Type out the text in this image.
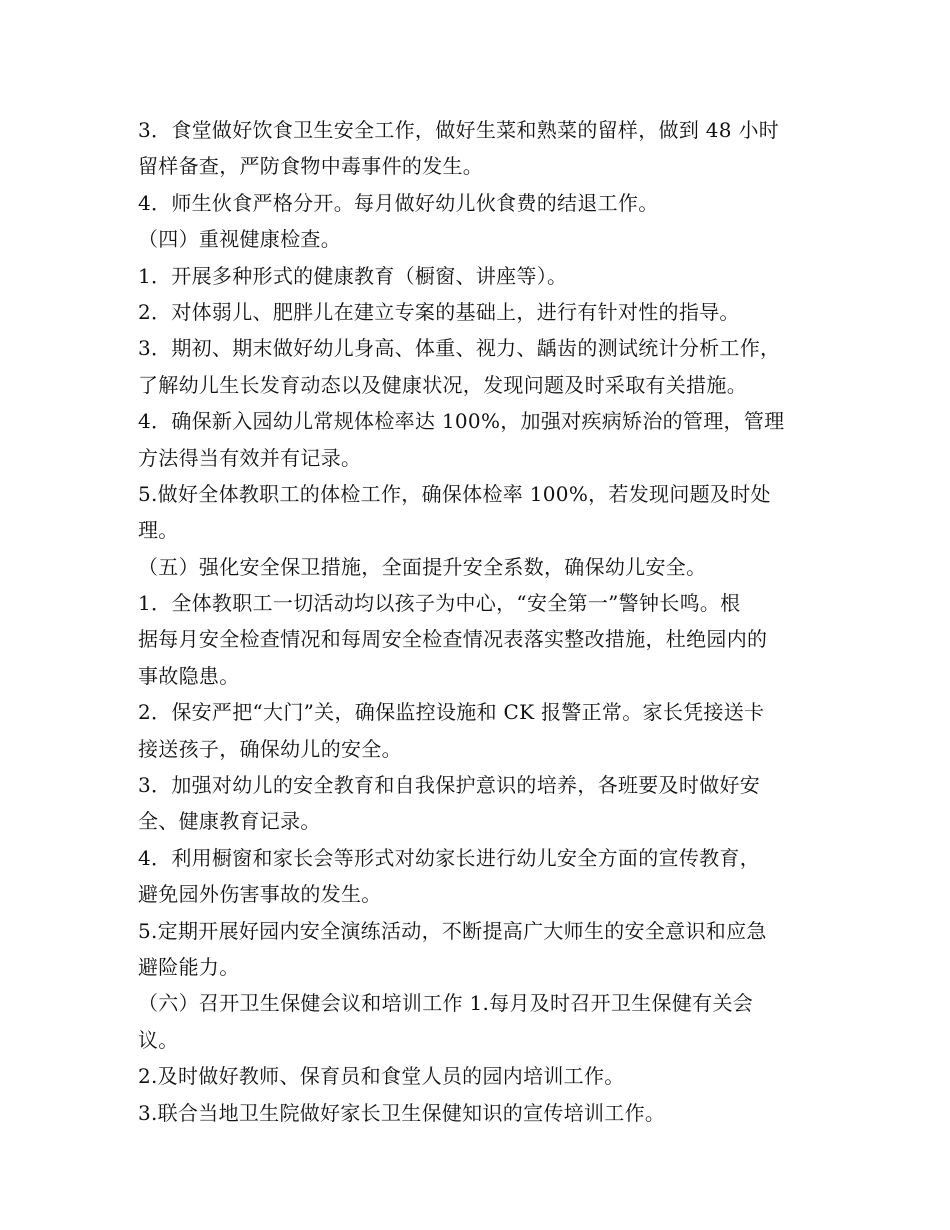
3．食堂做好饮食卫生安全工作，做好生菜和熟菜的留样，做到 48 小时
留样备查，严防食物中毒事件的发生。
4．师生伙食严格分开。每月做好幼儿伙食费的结退工作。
（四）重视健康检查。
1．开展多种形式的健康教育（橱窗、讲座等）。
2．对体弱儿、肥胖儿在建立专案的基础上，进行有针对性的指导。
3．期初、期末做好幼儿身高、体重、视力、龋齿的测试统计分析工作，
了解幼儿生长发育动态以及健康状况，发现问题及时采取有关措施。
4．确保新入园幼儿常规体检率达 100%，加强对疾病矫治的管理，管理
方法得当有效并有记录。
5.做好全体教职工的体检工作，确保体检率 100%，若发现问题及时处
理。
（五）强化安全保卫措施，全面提升安全系数，确保幼儿安全。
1．全体教职工一切活动均以孩子为中心，“安全第一”警钟长鸣。根
据每月安全检查情况和每周安全检查情况表落实整改措施，杜绝园内的
事故隐患。
2．保安严把“大门”关，确保监控设施和 CK 报警正常。家长凭接送卡
接送孩子，确保幼儿的安全。
3．加强对幼儿的安全教育和自我保护意识的培养，各班要及时做好安
全、健康教育记录。
4．利用橱窗和家长会等形式对幼家长进行幼儿安全方面的宣传教育，
避免园外伤害事故的发生。
5.定期开展好园内安全演练活动，不断提高广大师生的安全意识和应急
避险能力。
（六）召开卫生保健会议和培训工作 1.每月及时召开卫生保健有关会
议。
2.及时做好教师、保育员和食堂人员的园内培训工作。
3.联合当地卫生院做好家长卫生保健知识的宣传培训工作。
